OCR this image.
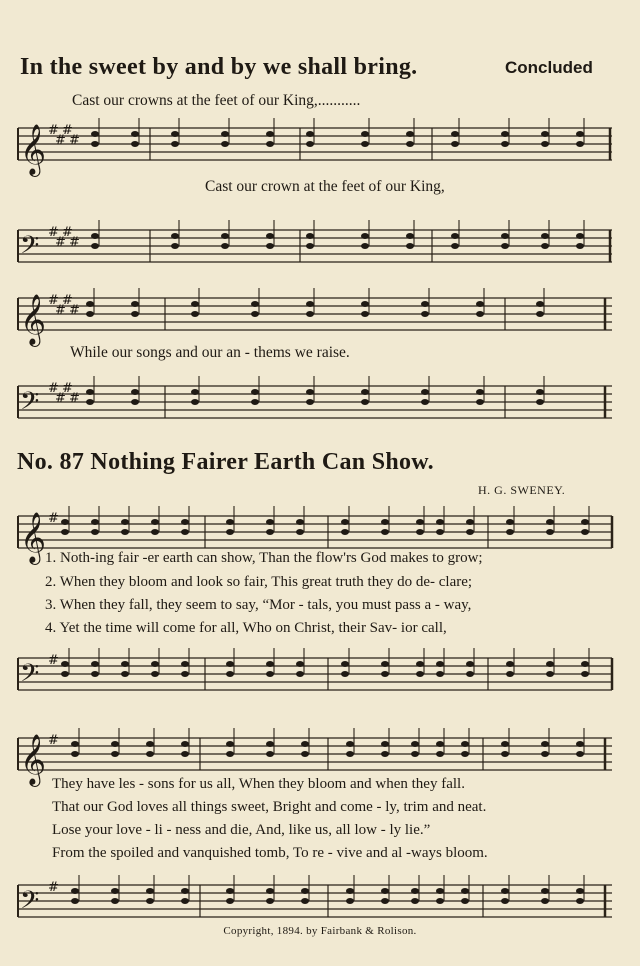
In the sweet by and by we shall bring.	Concluded
𝄞 #
#
#
#
Cast our crowns at the feet of our King,...........
Cast our crown at the feet of our King,
𝄢 #
#
#
#
𝄞 #
#
#
#
While our songs and our an - thems we raise.
𝄢 #
#
#
#
No. 87 Nothing Fairer Earth Can Show.
H. G. SWENEY.
𝄞 #
1. Noth-ing fair -er earth can show, Than the flow'rs God makes to grow;
2. When they bloom and look so fair, This great truth they do de- clare;
3. When they fall, they seem to say, “Mor - tals, you must pass a - way,
4. Yet the time will come for all, Who on Christ, their Sav- ior call,
𝄢 #
𝄞 #
They have les - sons for us all, When they bloom and when they fall.
That our God loves all things sweet, Bright and come - ly, trim and neat.
Lose your love - li - ness and die, And, like us, all low - ly lie.”
From the spoiled and vanquished tomb, To re - vive and al -ways bloom.
𝄢 #
Copyright, 1894. by Fairbank & Rolison.
